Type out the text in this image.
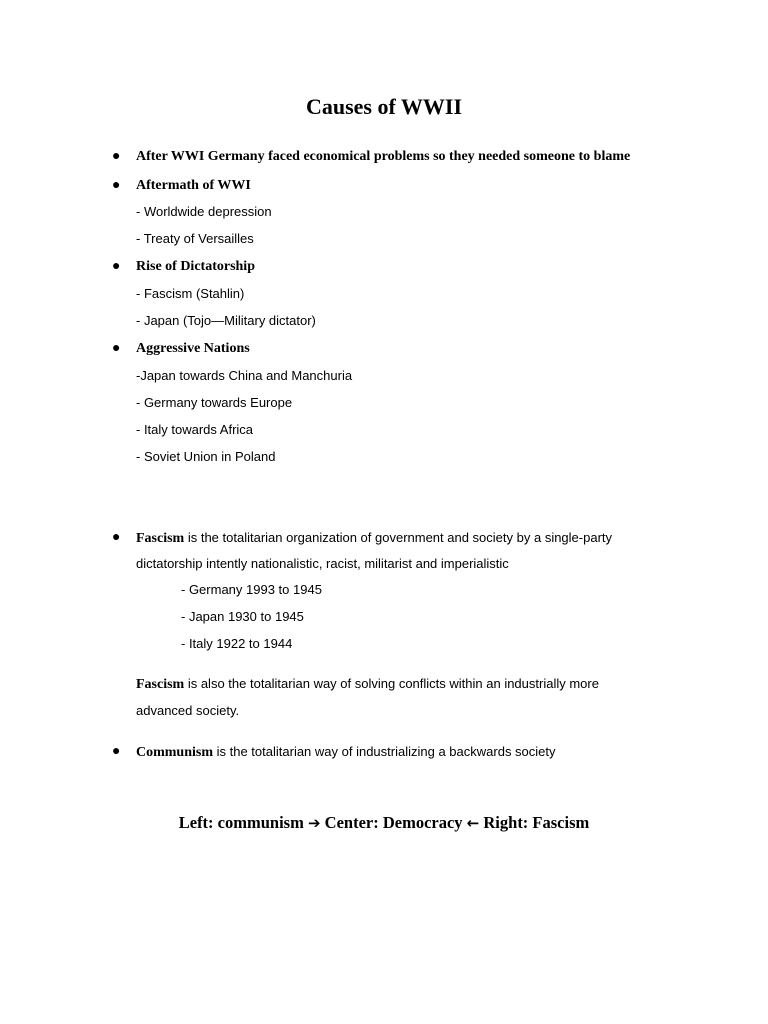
Causes of WWII
● After WWI Germany faced economical problems so they needed someone to blame
● Aftermath of WWI
- Worldwide depression
- Treaty of Versailles
● Rise of Dictatorship
- Fascism (Stahlin)
- Japan (Tojo—Military dictator)
● Aggressive Nations
-Japan towards China and Manchuria
- Germany towards Europe
- Italy towards Africa
- Soviet Union in Poland
● Fascism is the totalitarian organization of government and society by a single-party
dictatorship intently nationalistic, racist, militarist and imperialistic
- Germany 1993 to 1945
- Japan 1930 to 1945
- Italy 1922 to 1944
Fascism is also the totalitarian way of solving conflicts within an industrially more
advanced society.
● Communism is the totalitarian way of industrializing a backwards society
Left: communism ➔ Center: Democracy ← Right: Fascism
